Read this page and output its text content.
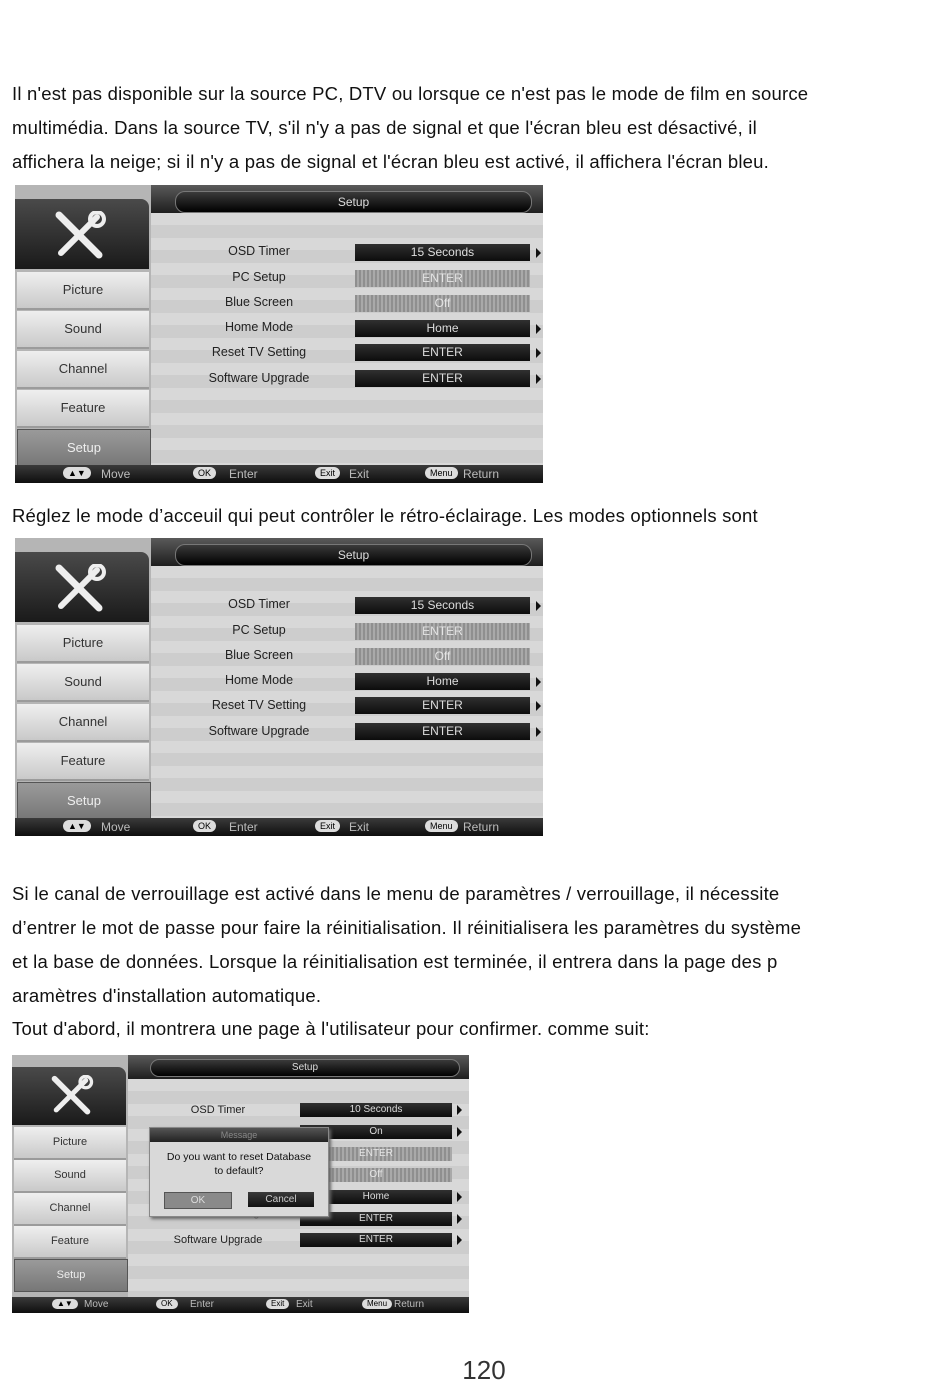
Il n'est pas disponible sur la source PC, DTV ou lorsque ce n'est pas le mode de film en source
multimédia. Dans la source TV, s'il n'y a pas de signal et que l'écran bleu est désactivé, il
affichera la neige; si il n'y a pas de signal et l'écran bleu est activé, il affichera l'écran bleu.
Setup
Picture
Sound
Channel
Feature
Setup
OSD Timer	15 Seconds
PC Setup	ENTER
Blue Screen	Off
Home Mode	Home
Reset TV Setting	ENTER
Software Upgrade	ENTER
▲▼	Move	OK	Enter	Exit	Exit	Menu Return
Réglez le mode d’acceuil qui peut contrôler le rétro-éclairage. Les modes optionnels sont
Setup
Picture
Sound
Channel
Feature
Setup
OSD Timer	15 Seconds
PC Setup	ENTER
Blue Screen	Off
Home Mode	Home
Reset TV Setting	ENTER
Software Upgrade	ENTER
▲▼	Move	OK	Enter	Exit	Exit	Menu Return
Si le canal de verrouillage est activé dans le menu de paramètres / verrouillage, il nécessite
d’entrer le mot de passe pour faire la réinitialisation. Il réinitialisera les paramètres du système
et la base de données. Lorsque la réinitialisation est terminée, il entrera dans la page des p
aramètres d'installation automatique.
Tout d'abord, il montrera une page à l'utilisateur pour confirmer. comme suit:
Setup
Picture
Sound
Channel
Feature
Setup
OSD Timer	10 Seconds
On
ENTER
Off
Home
ENTER
Software Upgrade	ENTER
Message
Do you want to reset Database
to default?
OK	Cancel
▲▼	Move	OK	Enter	Exit	Exit	Menu Return
120
